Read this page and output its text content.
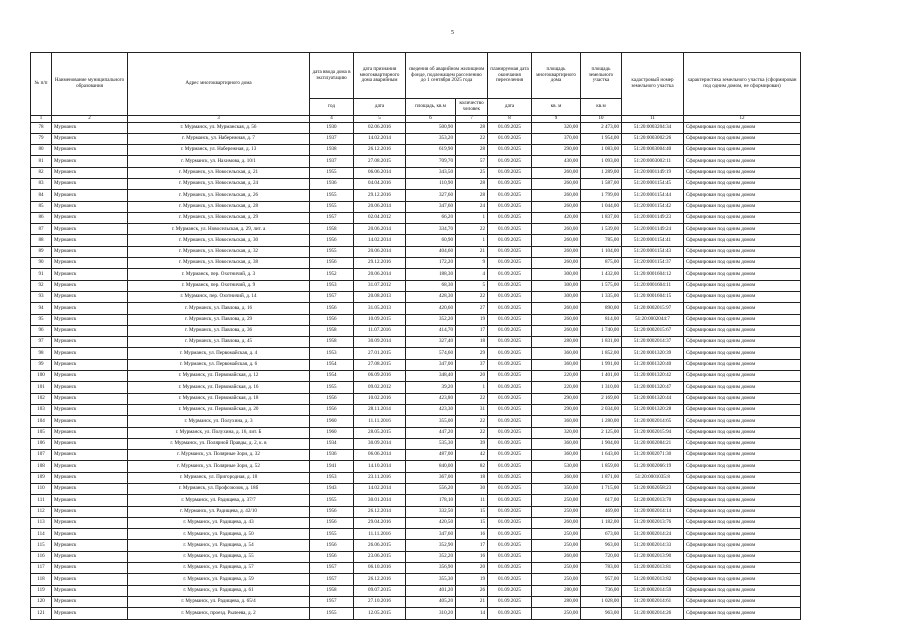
5
№ п/п	Наименование муниципального образования	Адрес многоквартирного дома	дата ввода дома в эксплуатацию	дата признания многоквартирного дома аварийным	сведения об аварийном жилищном фонде, подлежащем расселению до 1 сентября 2025 года		планируемая дата окончания переселения	площадь многоквартирного дома	площадь земельного участка	кадастровый номер земельного участка	характеристика земельного участка (сформирован под одним домом, не сформирован)
			год	дата	площадь, кв.м	количество человек	дата	кв. м	кв.м		
1	2	3	4	5	6	7	8	9	10	11	12
78	Мурманск	г. Мурманск, ул. Мурманская, д. 56	1930	02.06.2016	500,90	28	01.09.2025	320,00	2 473,00	51:20:0003204:34	Сформирован под одним домом
79	Мурманск	г. Мурманск, ул. Набережная, д. 7	1937	14.02.2014	353,20	22	01.09.2025	370,00	1 954,00	51:20:0003002:26	Сформирован под одним домом
80	Мурманск	г. Мурманск, ул. Набережная, д. 13	1938	26.12.2016	619,90	28	01.09.2025	290,00	1 083,00	51:20:0003004:40	Сформирован под одним домом
81	Мурманск	г. Мурманск, ул. Нахимова, д. 10/1	1937	27.08.2015	709,70	57	01.09.2025	430,00	1 093,00	51:20:0003002:11	Сформирован под одним домом
82	Мурманск	г. Мурманск, ул. Новосельская, д. 21	1955	06.06.2014	343,50	25	01.09.2025	260,00	1 289,00	51:20:0001149:19	Сформирован под одним домом
83	Мурманск	г. Мурманск, ул. Новосельская, д. 24	1936	04.04.2016	110,90	28	01.09.2025	260,00	1 587,00	51:20:0001154:45	Сформирован под одним домом
84	Мурманск	г. Мурманск, ул. Новосельская, д. 26	1955	29.12.2016	327,60	28	01.09.2025	260,00	1 799,00	51:20:0001154:44	Сформирован под одним домом
85	Мурманск	г. Мурманск, ул. Новосельская, д. 28	1955	20.06.2014	347,60	24	01.09.2025	260,00	1 044,00	51:20:0001154:42	Сформирован под одним домом
86	Мурманск	г. Мурманск, ул. Новосельская, д. 29	1957	02.04.2012	66,20	1	01.09.2025	420,00	1 837,00	51:20:0001149:23	Сформирован под одним домом
87	Мурманск	г. Мурманск, ул. Новосельская, д. 29, лит. а	1958	20.06.2014	334,70	22	01.09.2025	260,00	1 539,00	51:20:0001149:24	Сформирован под одним домом
88	Мурманск	г. Мурманск, ул. Новосельская, д. 30	1956	14.02.2014	60,90	1	01.09.2025	260,00	785,00	51:20:0001154:41	Сформирован под одним домом
89	Мурманск	г. Мурманск, ул. Новосельская, д. 32	1955	20.06.2014	404,60	21	01.09.2025	260,00	1 104,00	51:20:0001154:43	Сформирован под одним домом
90	Мурманск	г. Мурманск, ул. Новосельская, д. 38	1956	29.12.2016	172,20	9	01.09.2025	260,00	875,00	51:20:0001154:37	Сформирован под одним домом
91	Мурманск	г. Мурманск, пер. Охотничий, д. 3	1952	20.06.2014	188,30	4	01.09.2025	300,00	1 432,00	51:20:0001604:12	Сформирован под одним домом
92	Мурманск	г. Мурманск, пер. Охотничий, д. 9	1953	31.07.2012	68,30	5	01.09.2025	300,00	1 575,00	51:20:0001604:11	Сформирован под одним домом
93	Мурманск	г. Мурманск, пер. Охотничий, д. 14	1957	20.08.2013	428,30	22	01.09.2025	300,00	1 335,00	51:20:0001604:15	Сформирован под одним домом
94	Мурманск	г. Мурманск, ул. Павлова, д. 16	1956	31.05.2013	420,60	27	01.09.2025	260,00	890,00	51:20:0002015:97	Сформирован под одним домом
95	Мурманск	г. Мурманск, ул. Павлова, д. 29	1956	10.09.2015	352,20	19	01.09.2025	260,00	814,00	51:20:0002044:7	Сформирован под одним домом
96	Мурманск	г. Мурманск, ул. Павлова, д. 36	1958	11.07.2016	414,70	17	01.09.2025	260,00	1 740,00	51:20:0002015:67	Сформирован под одним домом
97	Мурманск	г. Мурманск, ул. Павлова, д. 45	1958	30.09.2014	327,40	18	01.09.2025	280,00	1 831,00	51:20:0002014:37	Сформирован под одним домом
98	Мурманск	г. Мурманск, ул. Первомайская, д. 4	1953	27.01.2015	574,60	29	01.09.2025	360,00	1 852,00	51:20:0001320:39	Сформирован под одним домом
99	Мурманск	г. Мурманск, ул. Первомайская, д. 6	1954	27.08.2015	347,00	37	01.09.2025	360,00	1 991,00	51:20:0001320:40	Сформирован под одним домом
100	Мурманск	г. Мурманск, ул. Первомайская, д. 12	1954	06.09.2016	348,40	20	01.09.2025	220,00	1 401,00	51:20:0001320:42	Сформирован под одним домом
101	Мурманск	г. Мурманск, ул. Первомайская, д. 16	1955	09.02.2012	39,20	1	01.09.2025	220,00	1 310,00	51:20:0001320:47	Сформирован под одним домом
102	Мурманск	г. Мурманск, ул. Первомайская, д. 18	1956	10.02.2016	423,80	22	01.09.2025	290,00	2 169,00	51:20:0001320:44	Сформирован под одним домом
103	Мурманск	г. Мурманск, ул. Первомайская, д. 20	1956	28.11.2014	423,30	31	01.09.2025	290,00	2 034,00	51:20:0001320:28	Сформирован под одним домом
104	Мурманск	г. Мурманск, ул. Полухина, д. 3	1960	11.11.2016	355,00	22	01.09.2025	360,00	1 280,00	51:20:0002014:65	Сформирован под одним домом
105	Мурманск	г. Мурманск, ул. Полухина, д. 16, лит. Б	1960	28.05.2015	447,20	22	01.09.2025	320,00	2 125,00	51:20:0002015:94	Сформирован под одним домом
106	Мурманск	г. Мурманск, ул. Полярной Правды, д. 2, к. в	1934	30.09.2014	535,30	39	01.09.2025	360,00	1 904,00	51:20:0002084:21	Сформирован под одним домом
107	Мурманск	г. Мурманск, ул. Полярные Зори, д. 32	1936	06.06.2014	487,00	42	01.09.2025	360,00	1 643,00	51:20:0002071:30	Сформирован под одним домом
108	Мурманск	г. Мурманск, ул. Полярные Зори, д. 52	1941	14.10.2014	840,00	82	01.09.2025	530,00	1 859,00	51:20:0002066:19	Сформирован под одним домом
109	Мурманск	г. Мурманск, ул. Пригородная, д. 18	1953	23.11.2016	367,00	18	01.09.2025	260,00	1 871,00	51:20:0001035:8	Сформирован под одним домом
110	Мурманск	г. Мурманск, ул. Профсоюзов, д. 18б	1943	14.02.2014	556,20	30	01.09.2025	350,00	1 715,00	51:20:0002058:23	Сформирован под одним домом
111	Мурманск	г. Мурманск, ул. Радищева, д. 37/7	1955	30.01.2014	178,10	11	01.09.2025	250,00	617,00	51:20:0002013:70	Сформирован под одним домом
112	Мурманск	г. Мурманск, ул. Радищева, д. 42/10	1956	26.12.2014	332,50	15	01.09.2025	250,00	469,00	51:20:0002014:14	Сформирован под одним домом
113	Мурманск	г. Мурманск, ул. Радищева, д. 43	1956	29.04.2016	420,50	15	01.09.2025	260,00	1 182,00	51:20:0002013:76	Сформирован под одним домом
114	Мурманск	г. Мурманск, ул. Радищева, д. 50	1955	11.11.2016	347,60	16	01.09.2025	250,00	673,00	51:20:0002014:24	Сформирован под одним домом
115	Мурманск	г. Мурманск, ул. Радищева, д. 54	1956	26.06.2015	352,90	17	01.09.2025	250,00	963,00	51:20:0002014:33	Сформирован под одним домом
116	Мурманск	г. Мурманск, ул. Радищева, д. 55	1956	23.06.2015	352,20	16	01.09.2025	260,00	720,00	51:20:0002013:90	Сформирован под одним домом
117	Мурманск	г. Мурманск, ул. Радищева, д. 57	1957	06.10.2016	356,90	20	01.09.2025	250,00	783,00	51:20:0002013:81	Сформирован под одним домом
118	Мурманск	г. Мурманск, ул. Радищева, д. 59	1957	26.12.2016	355,30	19	01.09.2025	250,00	957,00	51:20:0002013:82	Сформирован под одним домом
119	Мурманск	г. Мурманск, ул. Радищева, д. 61	1958	09.07.2015	401,20	26	01.09.2025	280,00	736,00	51:20:0002014:59	Сформирован под одним домом
120	Мурманск	г. Мурманск, ул. Радищева, д. 65/4	1957	27.10.2016	405,20	21	01.09.2025	280,00	1 028,00	51:20:0002014:61	Сформирован под одним домом
121	Мурманск	г. Мурманск, проезд. Рылеева, д. 2	1955	12.05.2015	310,20	14	01.09.2025	250,00	963,00	51:20:0002014:26	Сформирован под одним домом
